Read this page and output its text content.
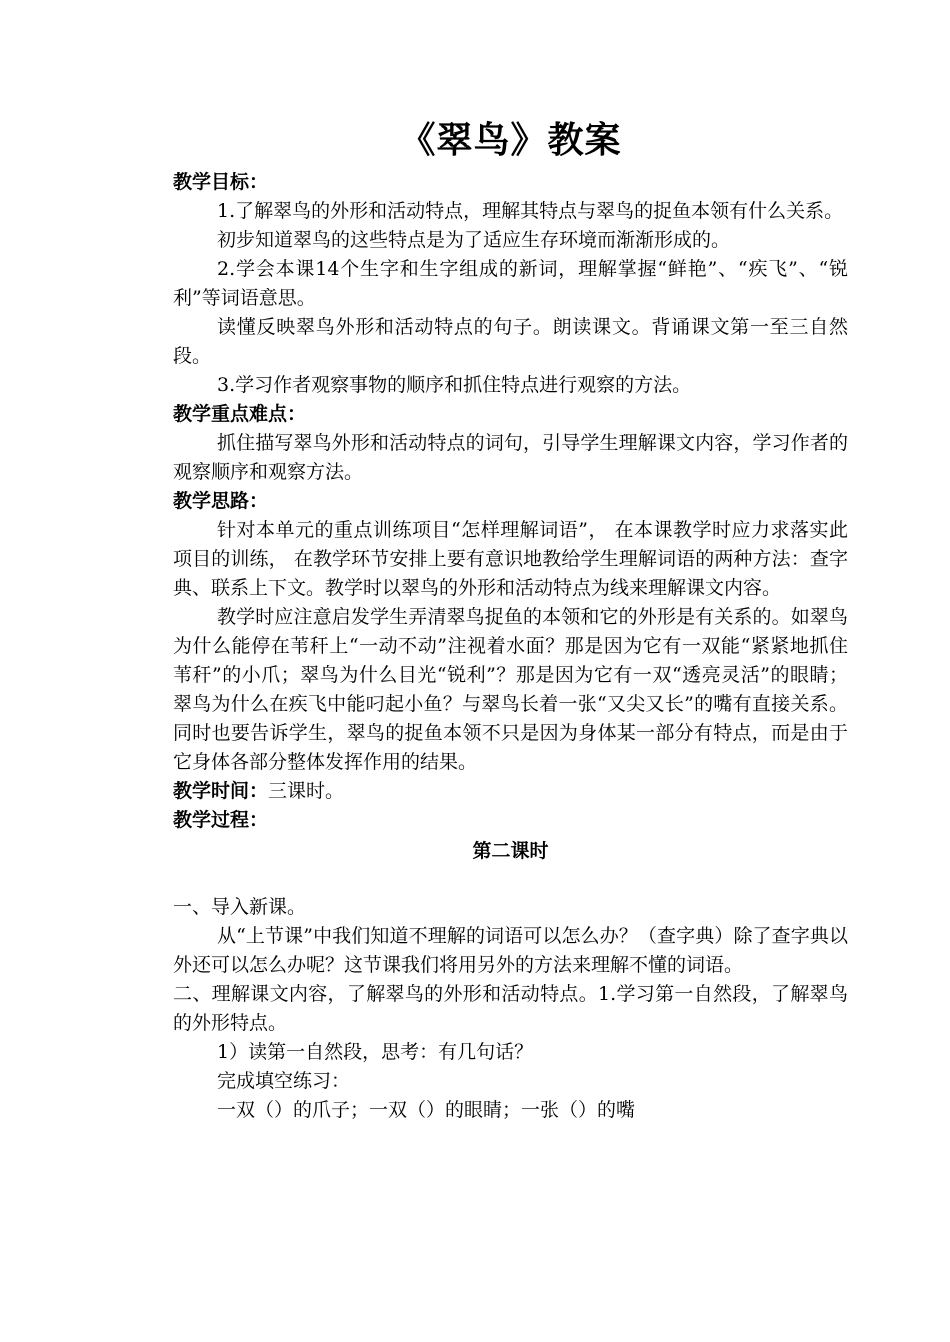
《翠鸟》教案

教学目标：

1.了解翠鸟的外形和活动特点，理解其特点与翠鸟的捉鱼本领有什么关系。

初步知道翠鸟的这些特点是为了适应生存环境而渐渐形成的。

2.学会本课14个生字和生字组成的新词，理解掌握“鲜艳”、“疾飞”、“锐利”等词语意思。

读懂反映翠鸟外形和活动特点的句子。朗读课文。背诵课文第一至三自然段。

3.学习作者观察事物的顺序和抓住特点进行观察的方法。

教学重点难点：

抓住描写翠鸟外形和活动特点的词句，引导学生理解课文内容，学习作者的观察顺序和观察方法。

教学思路：

针对本单元的重点训练项目“怎样理解词语”， 在本课教学时应力求落实此项目的训练， 在教学环节安排上要有意识地教给学生理解词语的两种方法：查字典、联系上下文。教学时以翠鸟的外形和活动特点为线来理解课文内容。

教学时应注意启发学生弄清翠鸟捉鱼的本领和它的外形是有关系的。如翠鸟为什么能停在苇秆上“一动不动”注视着水面？那是因为它有一双能“紧紧地抓住苇秆”的小爪；翠鸟为什么目光“锐利”？那是因为它有一双“透亮灵活”的眼睛；翠鸟为什么在疾飞中能叼起小鱼？与翠鸟长着一张“又尖又长”的嘴有直接关系。同时也要告诉学生，翠鸟的捉鱼本领不只是因为身体某一部分有特点，而是由于它身体各部分整体发挥作用的结果。

教学时间：三课时。

教学过程：

第二课时

一、导入新课。

从“上节课”中我们知道不理解的词语可以怎么办？（查字典）除了查字典以外还可以怎么办呢？这节课我们将用另外的方法来理解不懂的词语。

二、理解课文内容，了解翠鸟的外形和活动特点。1.学习第一自然段，了解翠鸟的外形特点。

1）读第一自然段，思考：有几句话？

完成填空练习：

一双（）的爪子；一双（）的眼睛；一张（）的嘴
